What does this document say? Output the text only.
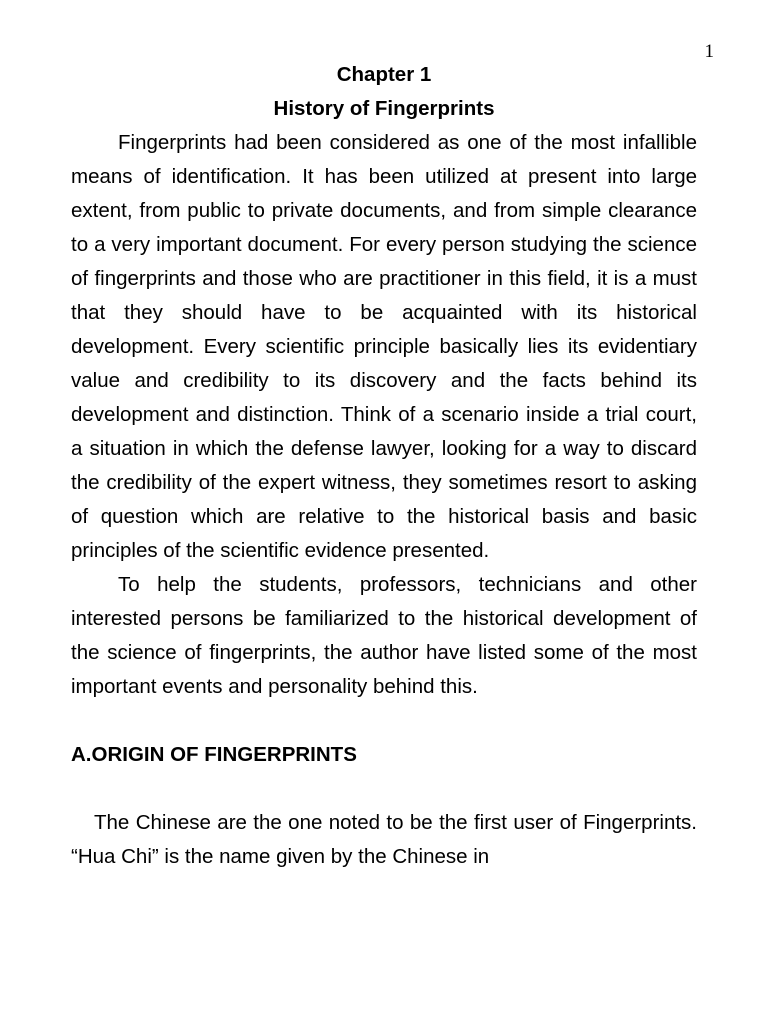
1

Chapter 1

History of Fingerprints

Fingerprints had been considered as one of the most infallible means of identification. It has been utilized at present into large extent, from public to private documents, and from simple clearance to a very important document. For every person studying the science of fingerprints and those who are practitioner in this field, it is a must that they should have to be acquainted with its historical development. Every scientific principle basically lies its evidentiary value and credibility to its discovery and the facts behind its development and distinction. Think of a scenario inside a trial court, a situation in which the defense lawyer, looking for a way to discard the credibility of the expert witness, they sometimes resort to asking of question which are relative to the historical basis and basic principles of the scientific evidence presented.

To help the students, professors, technicians and other interested persons be familiarized to the historical development of the science of fingerprints, the author have listed some of the most important events and personality behind this.

A.ORIGIN OF FINGERPRINTS

The Chinese are the one noted to be the first user of Fingerprints. “Hua Chi” is the name given by the Chinese in
